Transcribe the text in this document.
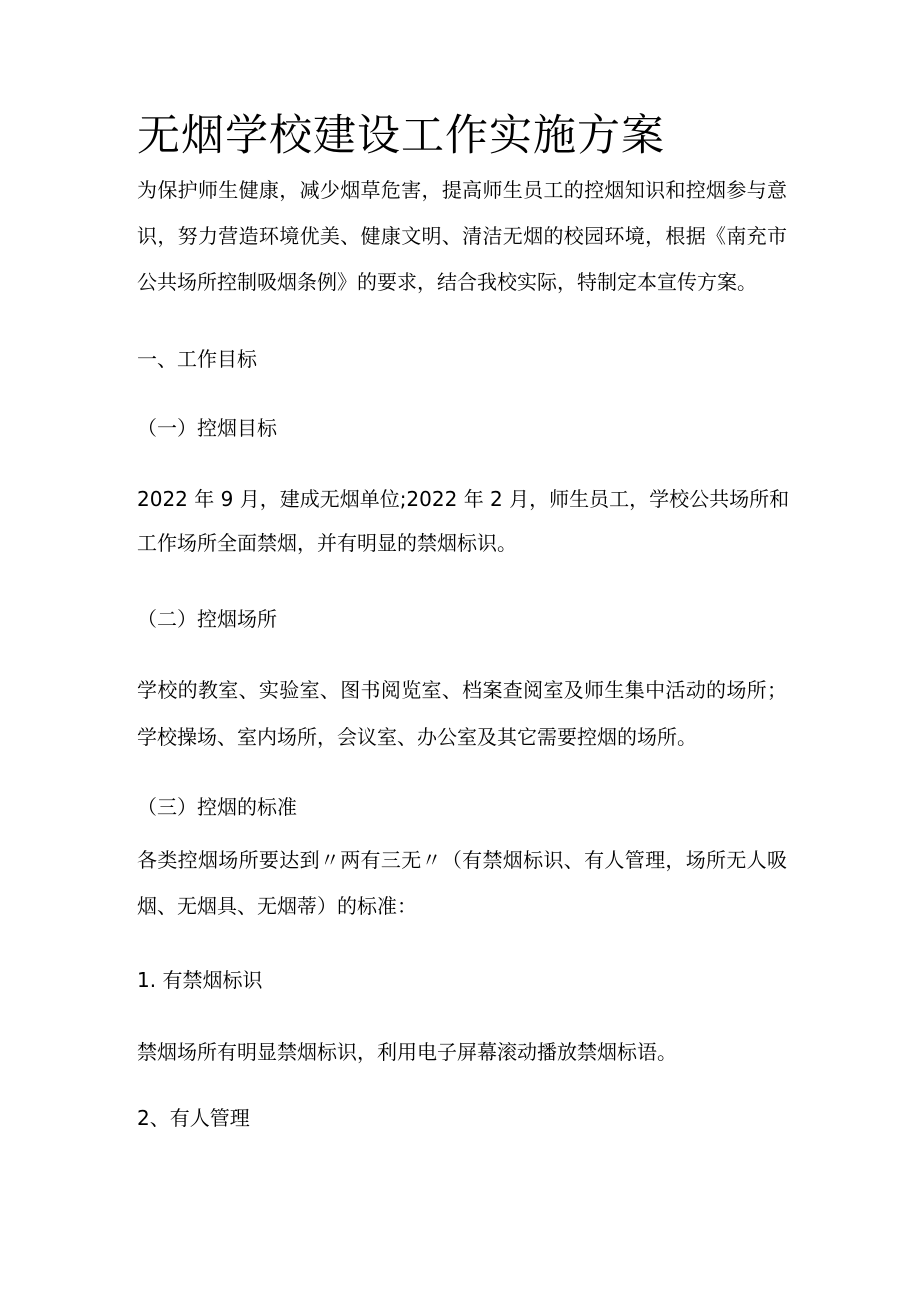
无烟学校建设工作实施方案
为保护师生健康，减少烟草危害，提高师生员工的控烟知识和控烟参与意
识，努力营造环境优美、健康文明、清洁无烟的校园环境，根据《南充市
公共场所控制吸烟条例》的要求，结合我校实际，特制定本宣传方案。
一、工作目标
（一）控烟目标
2022 年 9 月，建成无烟单位;2022 年 2 月，师生员工，学校公共场所和
工作场所全面禁烟，并有明显的禁烟标识。
（二）控烟场所
学校的教室、实验室、图书阅览室、档案查阅室及师生集中活动的场所；
学校操场、室内场所，会议室、办公室及其它需要控烟的场所。
（三）控烟的标准
各类控烟场所要达到〃两有三无〃（有禁烟标识、有人管理，场所无人吸
烟、无烟具、无烟蒂）的标准：
1. 有禁烟标识
禁烟场所有明显禁烟标识，利用电子屏幕滚动播放禁烟标语。
2、有人管理
